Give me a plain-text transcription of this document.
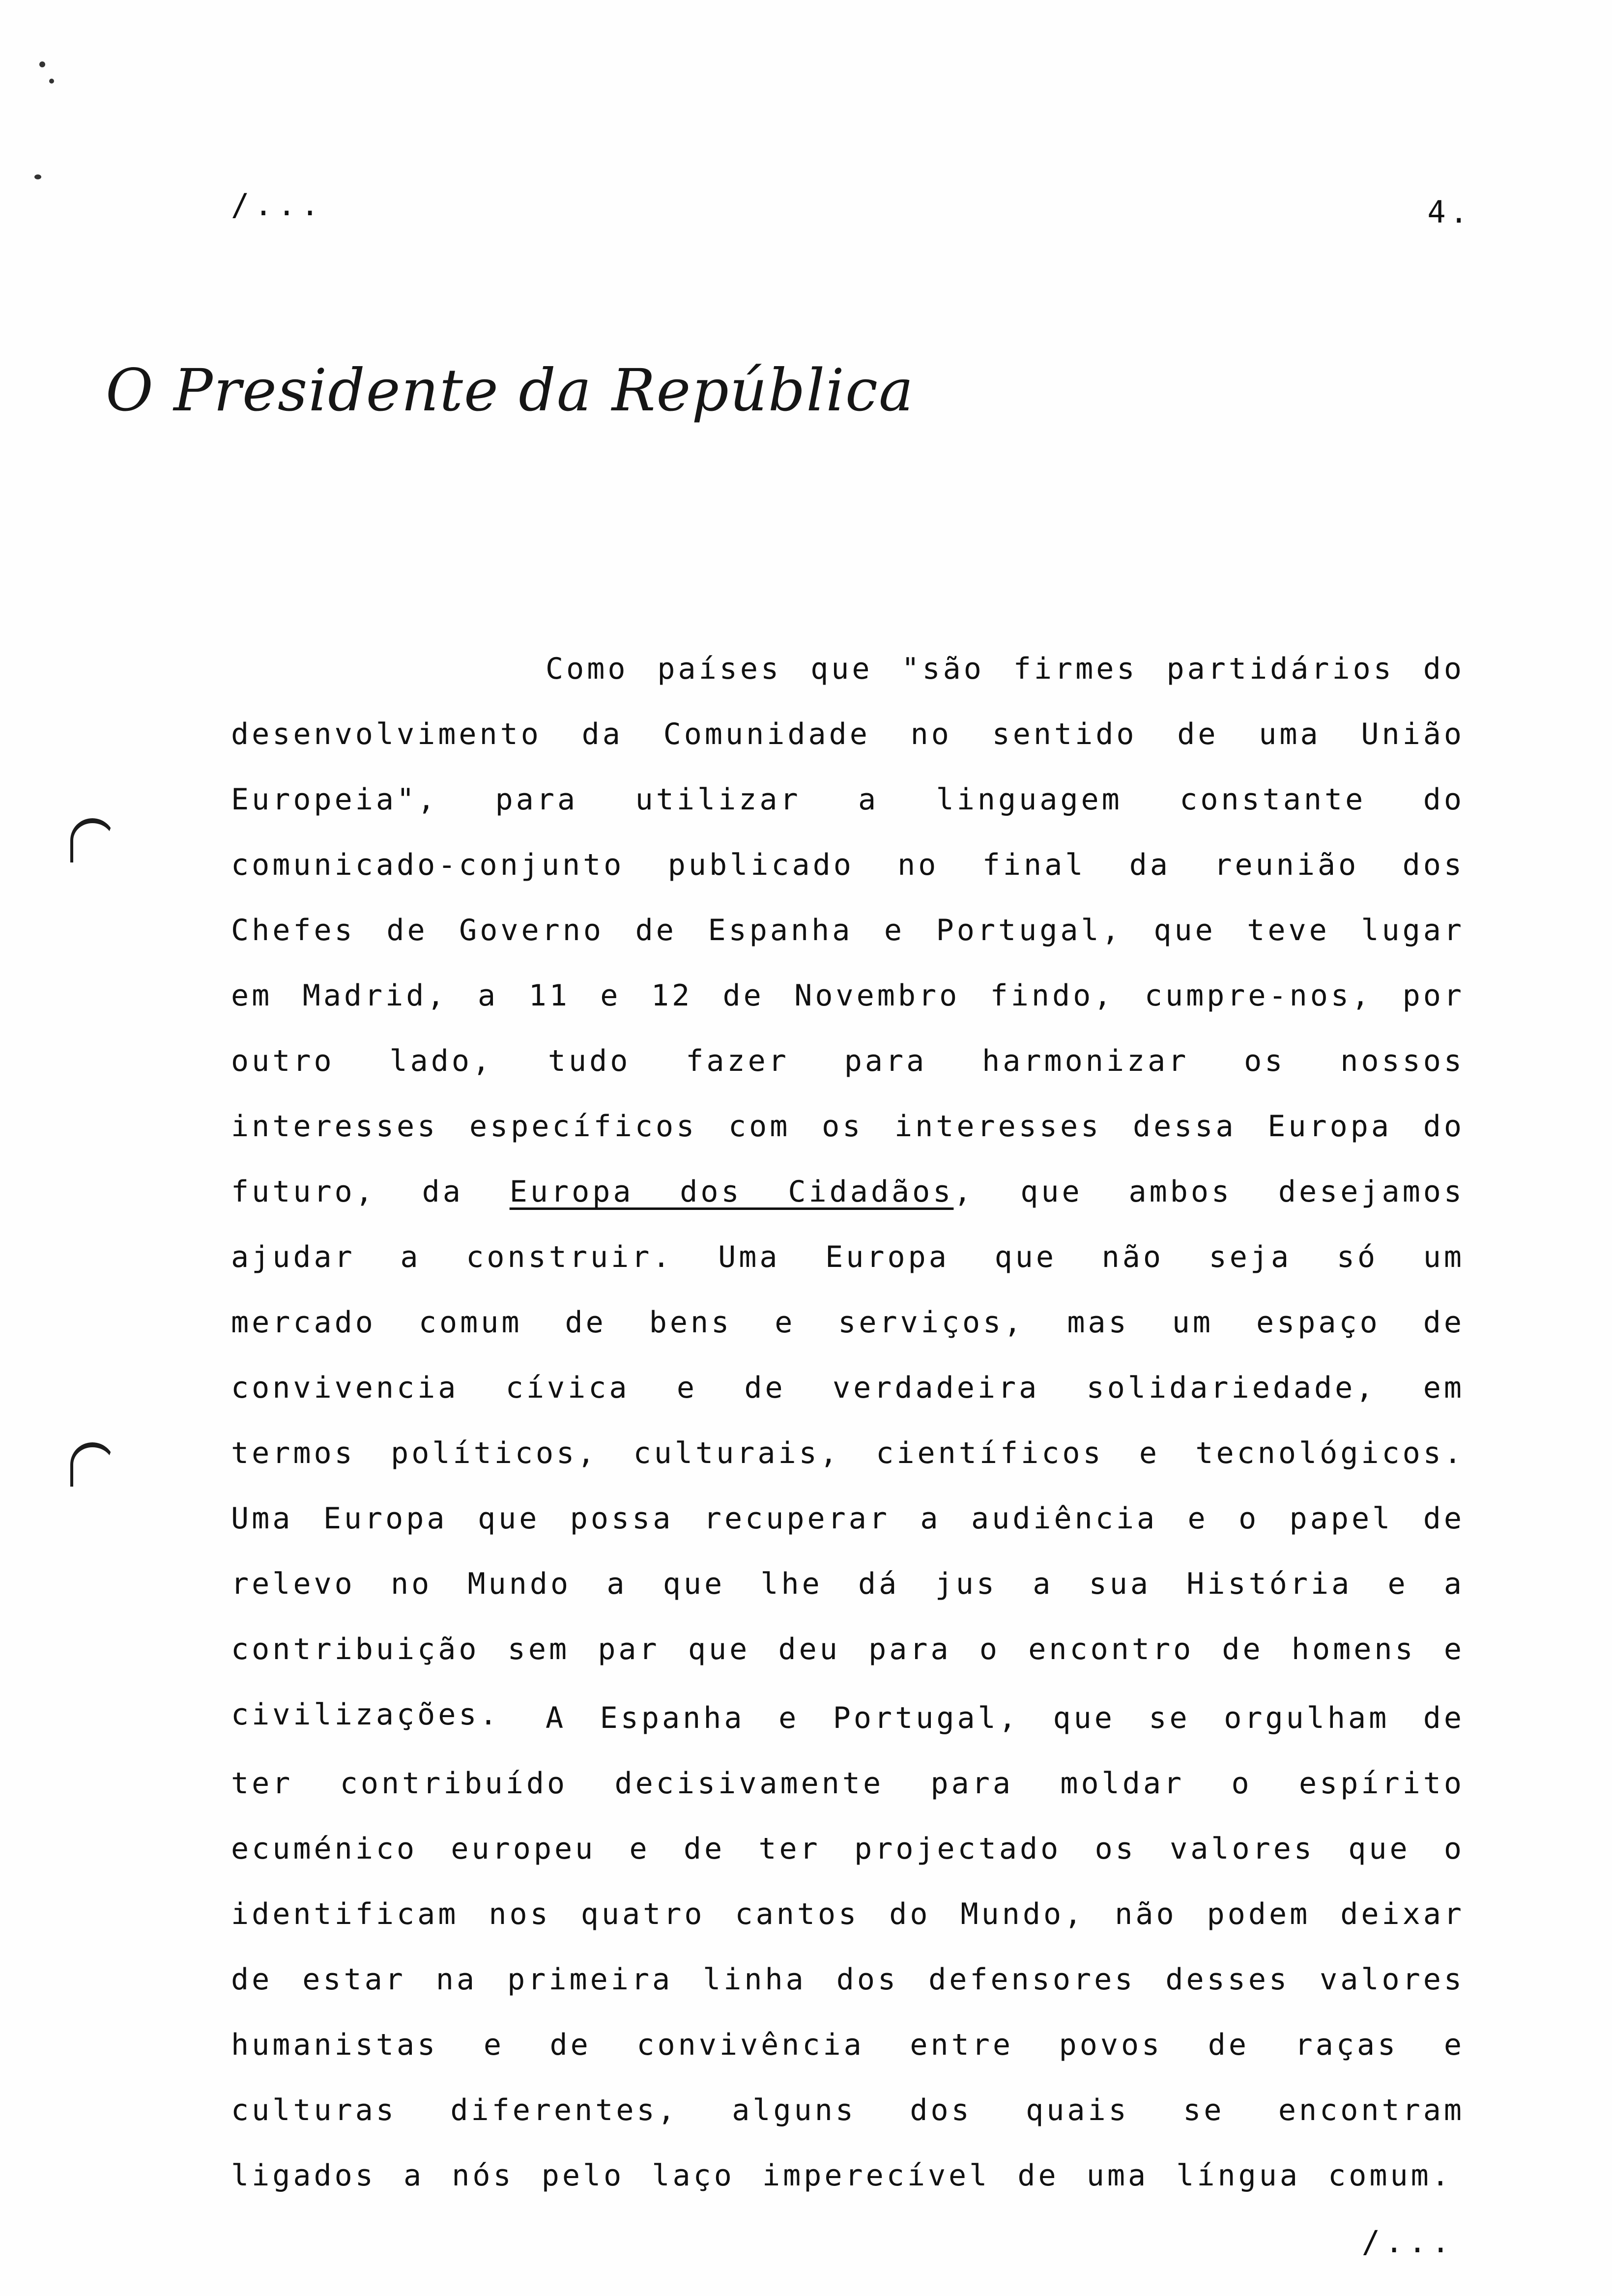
/...	4.
O Presidente da República

Como países que "são firmes partidários do desenvolvimento da Comunidade no sentido de uma União Europeia", para utilizar a linguagem constante do comunicado-conjunto publicado no final da reunião dos Chefes de Governo de Espanha e Portugal, que teve lugar em Madrid, a 11 e 12 de Novembro findo, cumpre-nos, por outro lado, tudo fazer para harmonizar os nossos interesses específicos com os interesses dessa Europa do futuro, da Europa dos Cidadãos, que ambos desejamos ajudar a construir. Uma Europa que não seja só um mercado comum de bens e serviços, mas um espaço de convivencia cívica e de verdadeira solidariedade, em termos políticos, culturais, científicos e tecnológicos. Uma Europa que possa recuperar a audiência e o papel de relevo no Mundo a que lhe dá jus a sua História e a contribuição sem par que deu para o encontro de homens e civilizações.	A Espanha e Portugal, que se orgulham de ter contribuído decisivamente para moldar o espírito ecuménico europeu e de ter projectado os valores que o identificam nos quatro cantos do Mundo, não podem deixar de estar na primeira linha dos defensores desses valores humanistas e de convivência entre povos de raças e culturas diferentes, alguns dos quais se encontram ligados a nós pelo laço imperecível de uma língua comum.

/...
